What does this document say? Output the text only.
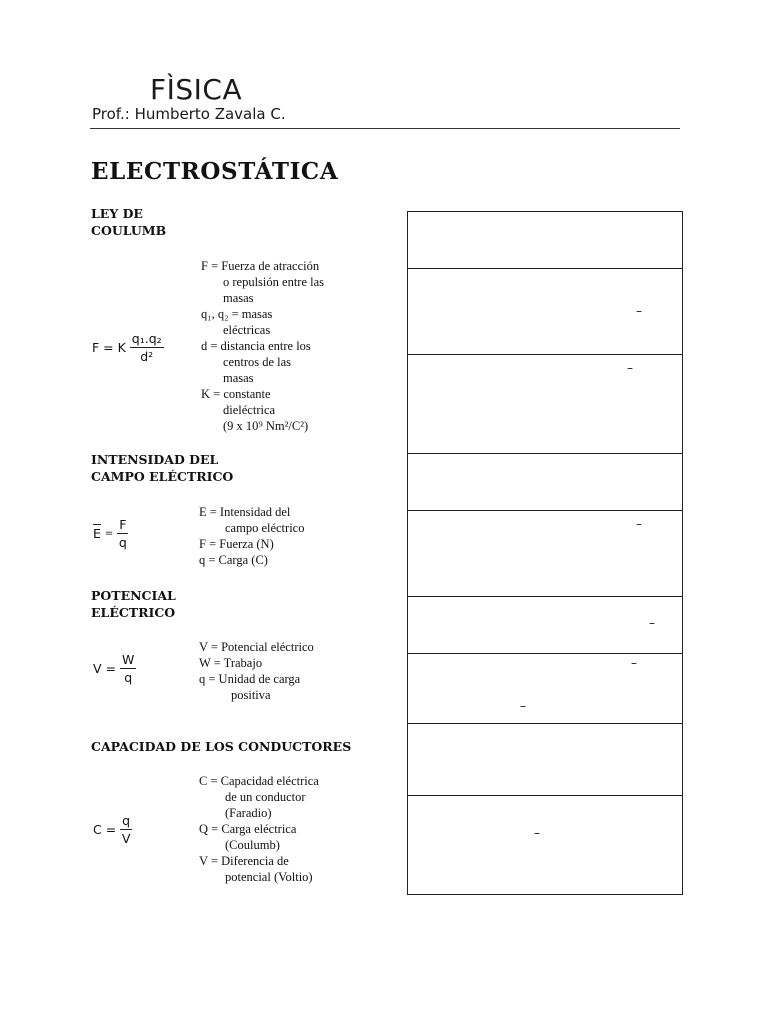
FÌSICA
Prof.: Humberto Zavala C.
ELECTROSTÁTICA
LEY DE
COULUMB
F = K $\frac{\text{q₁.q₂}}{\text{d²}}$
F = Fuerza de atracción
o repulsión entre las
masas
q₁, q₂ = masas
eléctricas
d = distancia entre los
centros de las
masas
K = constante
dieléctrica
(9 x 10⁹ Nm²/C²)
INTENSIDAD DEL
CAMPO ELÉCTRICO
$E = \frac{F}{q}$
E = Intensidad del
campo eléctrico
F = Fuerza (N)
q = Carga (C)
POTENCIAL
ELÉCTRICO
$V = \frac{W}{q}$
V = Potencial eléctrico
W = Trabajo
q = Unidad de carga
positiva
CAPACIDAD DE LOS CONDUCTORES
$C = \frac{q}{V}$
C = Capacidad eléctrica
de un conductor
(Faradio)
Q = Carga eléctrica
(Coulumb)
V = Diferencia de
potencial (Voltio)
–
–
–
–
–
–
–
